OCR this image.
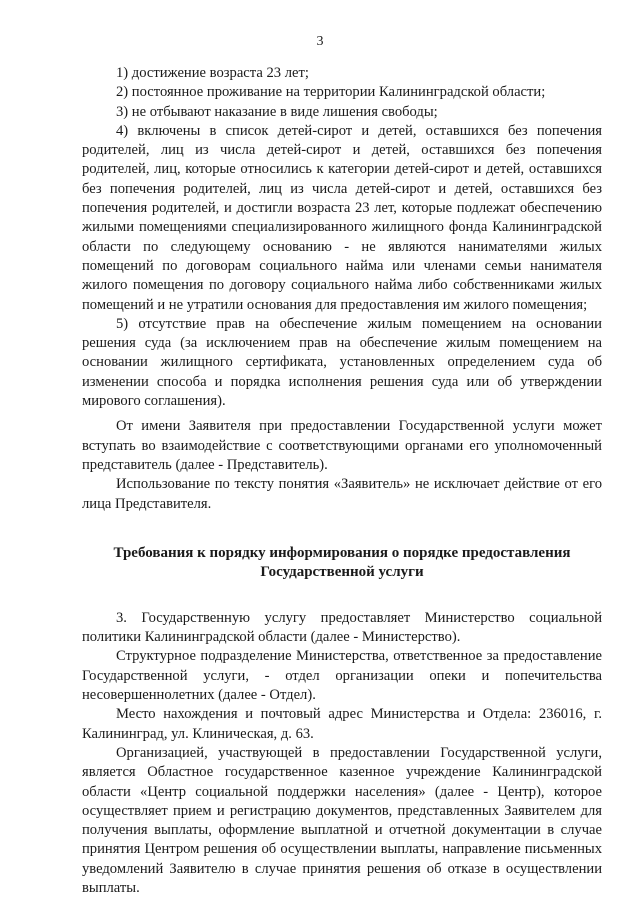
3

1) достижение возраста 23 лет;

2) постоянное проживание на территории Калининградской области;

3) не отбывают наказание в виде лишения свободы;

4) включены в список детей-сирот и детей, оставшихся без попечения родителей, лиц из числа детей-сирот и детей, оставшихся без попечения родителей, лиц, которые относились к категории детей-сирот и детей, оставшихся без попечения родителей, лиц из числа детей-сирот и детей, оставшихся без попечения родителей, и достигли возраста 23 лет, которые подлежат обеспечению жилыми помещениями специализированного жилищного фонда Калининградской области по следующему основанию - не являются нанимателями жилых помещений по договорам социального найма или членами семьи нанимателя жилого помещения по договору социального найма либо собственниками жилых помещений и не утратили основания для предоставления им жилого помещения;

5) отсутствие прав на обеспечение жилым помещением на основании решения суда (за исключением прав на обеспечение жилым помещением на основании жилищного сертификата, установленных определением суда об изменении способа и порядка исполнения решения суда или об утверждении мирового соглашения).

От имени Заявителя при предоставлении Государственной услуги может вступать во взаимодействие с соответствующими органами его уполномоченный представитель (далее - Представитель).

Использование по тексту понятия «Заявитель» не исключает действие от его лица Представителя.

Требования к порядку информирования о порядке предоставления
Государственной услуги

3. Государственную услугу предоставляет Министерство социальной политики Калининградской области (далее - Министерство).

Структурное подразделение Министерства, ответственное за предоставление Государственной услуги, - отдел организации опеки и попечительства несовершеннолетних (далее - Отдел).

Место нахождения и почтовый адрес Министерства и Отдела: 236016, г. Калининград, ул. Клиническая, д. 63.

Организацией, участвующей в предоставлении Государственной услуги, является Областное государственное казенное учреждение Калининградской области «Центр социальной поддержки населения» (далее - Центр), которое осуществляет прием и регистрацию документов, представленных Заявителем для получения выплаты, оформление выплатной и отчетной документации в случае принятия Центром решения об осуществлении выплаты, направление письменных уведомлений Заявителю в случае принятия решения об отказе в осуществлении выплаты.
